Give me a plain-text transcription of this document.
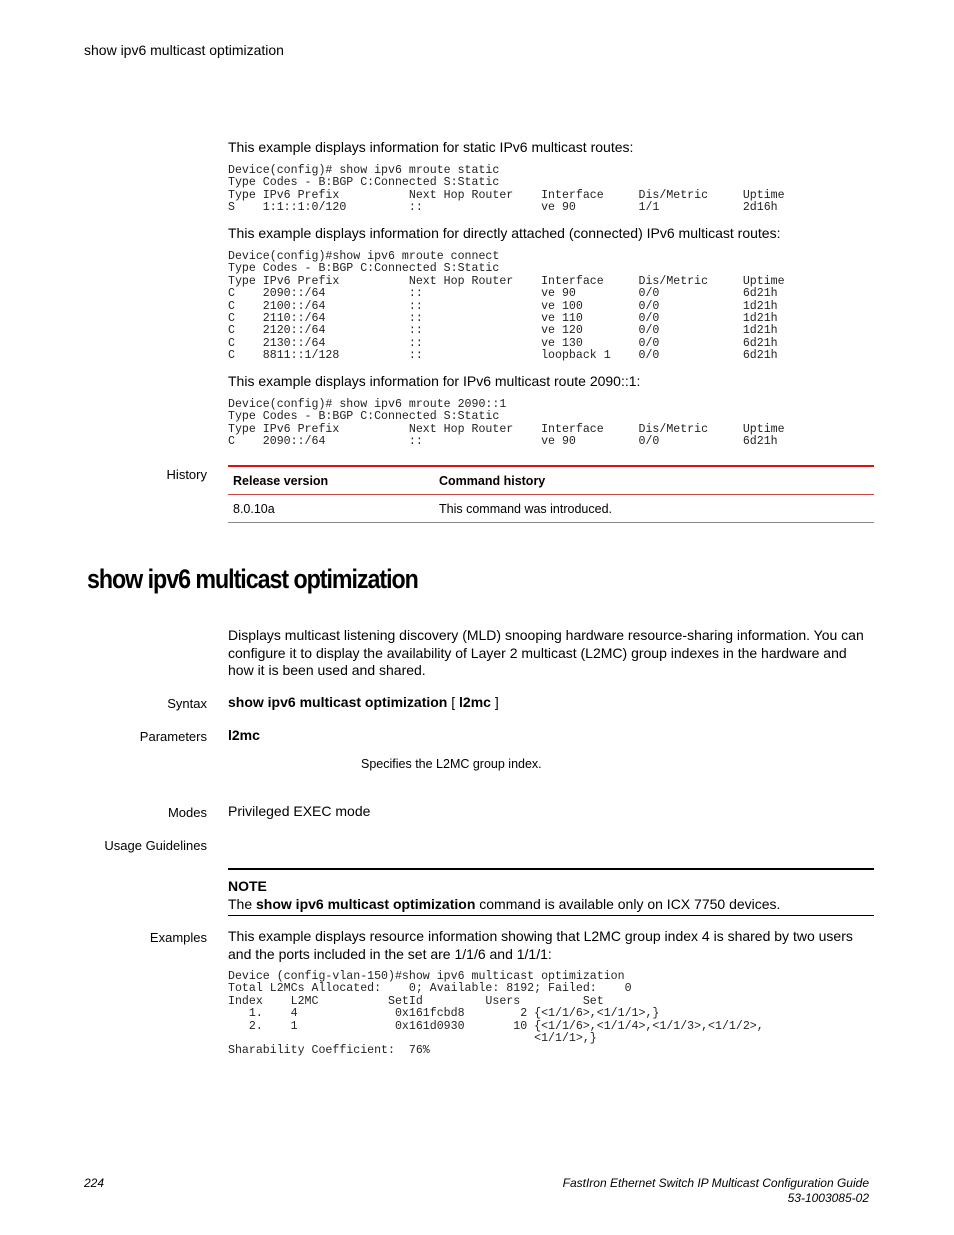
show ipv6 multicast optimization
This example displays information for static IPv6 multicast routes:
Device(config)# show ipv6 mroute static
Type Codes - B:BGP C:Connected S:Static
Type IPv6 Prefix          Next Hop Router    Interface     Dis/Metric     Uptime
S    1:1::1:0/120         ::                 ve 90         1/1            2d16h
This example displays information for directly attached (connected) IPv6 multicast routes:
Device(config)#show ipv6 mroute connect
Type Codes - B:BGP C:Connected S:Static
Type IPv6 Prefix          Next Hop Router    Interface     Dis/Metric     Uptime
C    2090::/64            ::                 ve 90         0/0            6d21h
C    2100::/64            ::                 ve 100        0/0            1d21h
C    2110::/64            ::                 ve 110        0/0            1d21h
C    2120::/64            ::                 ve 120        0/0            1d21h
C    2130::/64            ::                 ve 130        0/0            6d21h
C    8811::1/128          ::                 loopback 1    0/0            6d21h
This example displays information for IPv6 multicast route 2090::1:
Device(config)# show ipv6 mroute 2090::1
Type Codes - B:BGP C:Connected S:Static
Type IPv6 Prefix          Next Hop Router    Interface     Dis/Metric     Uptime
C    2090::/64            ::                 ve 90         0/0            6d21h
History	Release version	Command history
8.0.10a	This command was introduced.
show ipv6 multicast optimization
Displays multicast listening discovery (MLD) snooping hardware resource-sharing information. You can configure it to display the availability of Layer 2 multicast (L2MC) group indexes in the hardware and how it is been used and shared.
Syntax show ipv6 multicast optimization [ l2mc ]
Parameters l2mc
Specifies the L2MC group index.
Modes Privileged EXEC mode
Usage Guidelines
NOTE
The show ipv6 multicast optimization command is available only on ICX 7750 devices.
Examples This example displays resource information showing that L2MC group index 4 is shared by two users and the ports included in the set are 1/1/6 and 1/1/1:
Device (config-vlan-150)#show ipv6 multicast optimization
Total L2MCs Allocated:    0; Available: 8192; Failed:    0
Index    L2MC          SetId         Users         Set
1.    4              0x161fcbd8        2 {<1/1/6>,<1/1/1>,}
2.    1              0x161d0930       10 {<1/1/6>,<1/1/4>,<1/1/3>,<1/1/2>,
<1/1/1>,}
Sharability Coefficient:  76%
224	FastIron Ethernet Switch IP Multicast Configuration Guide
53-1003085-02
